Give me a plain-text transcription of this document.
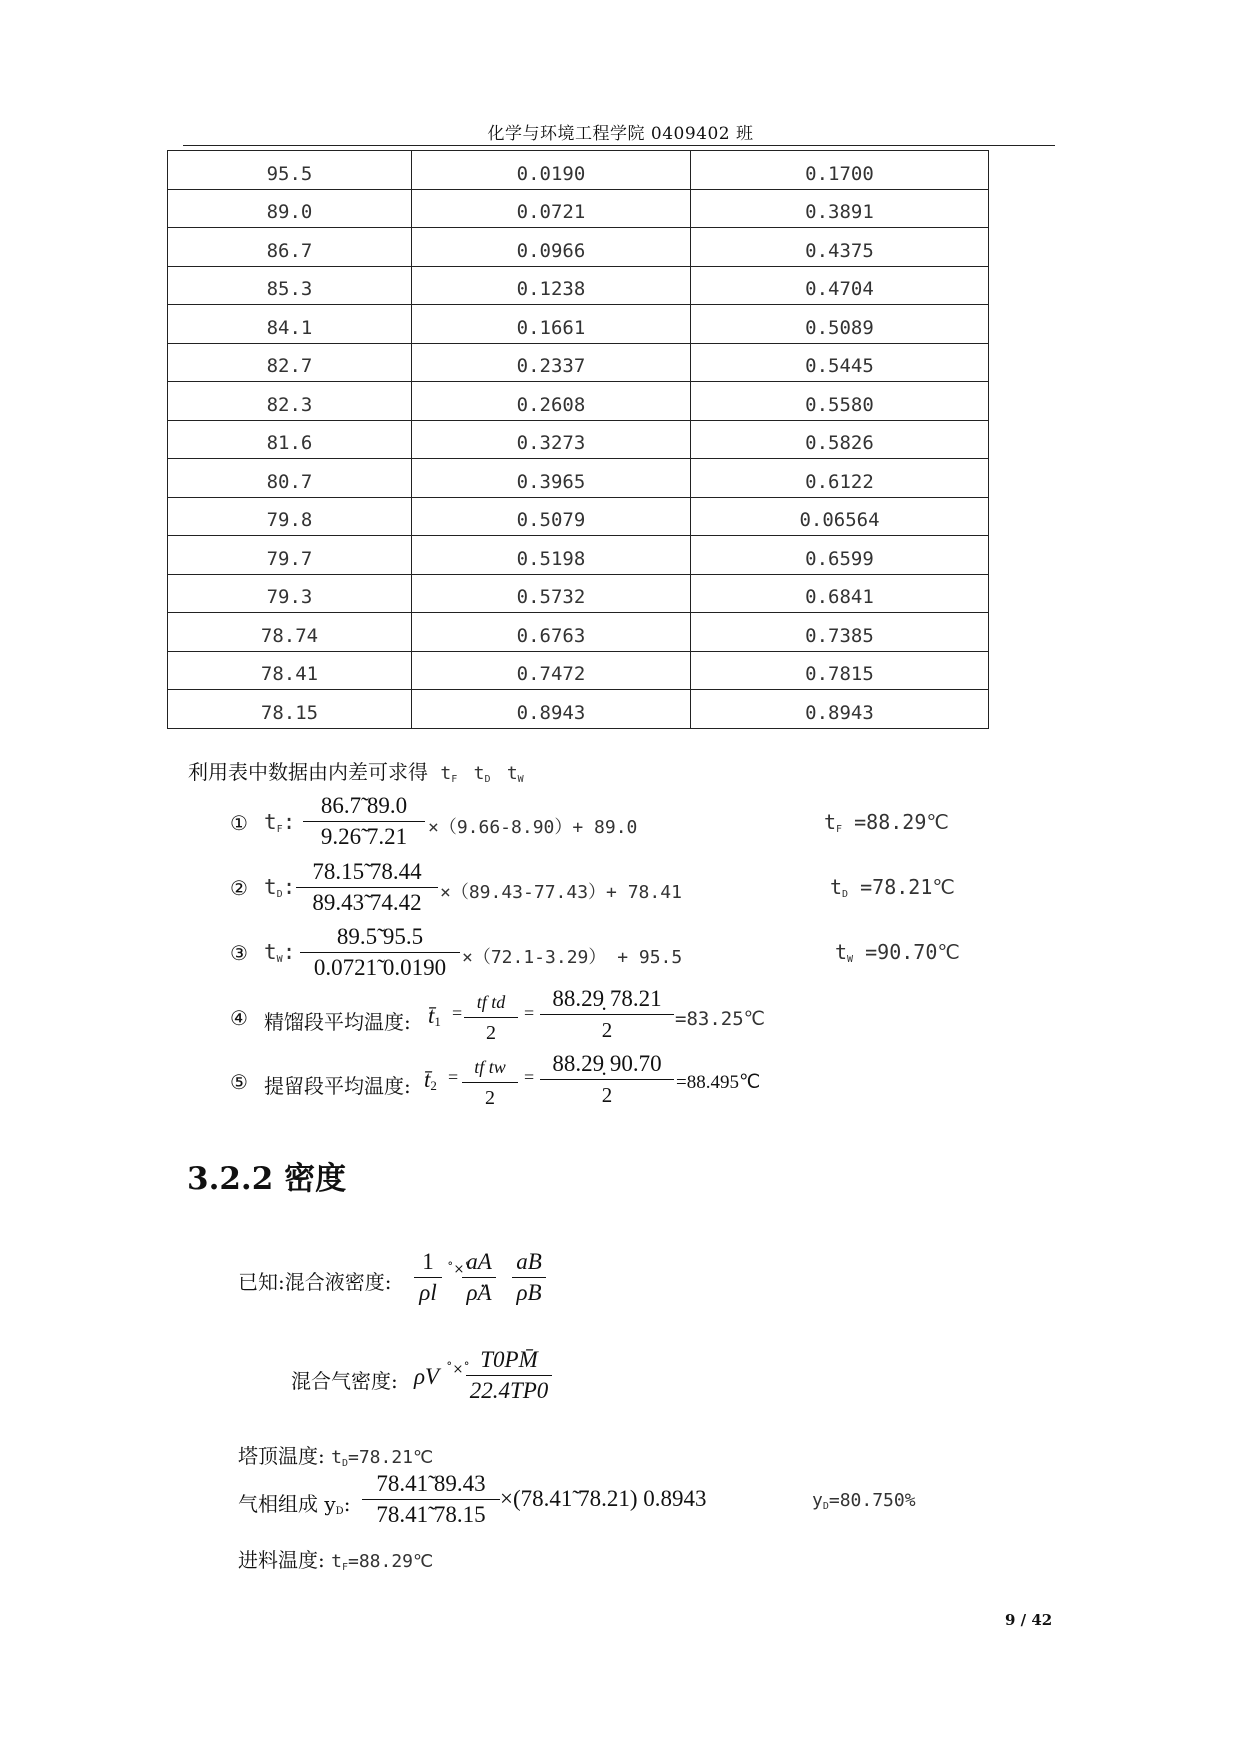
化学与环境工程学院 0409402 班
95.5	0.0190	0.1700
89.0	0.0721	0.3891
86.7	0.0966	0.4375
85.3	0.1238	0.4704
84.1	0.1661	0.5089
82.7	0.2337	0.5445
82.3	0.2608	0.5580
81.6	0.3273	0.5826
80.7	0.3965	0.6122
79.8	0.5079	0.06564
79.7	0.5198	0.6599
79.3	0.5732	0.6841
78.74	0.6763	0.7385
78.41	0.7472	0.7815
78.15	0.8943	0.8943
利用表中数据由内差可求得 $t_F$ $t_D$ $t_W$
① $t_F$:
86.7̃ 89.0
9.26̃ 7.21	×（9.66-8.90）+ 89.0	$t_F$ =88.29℃
② $t_D$:
78.15̃ 78.44
89.43̃ 74.42	×（89.43-77.43）+ 78.41	$t_D$ =78.21℃
③ $t_W$:
89.5̃ 95.5
0.0721̃ 0.0190 ×（72.1-3.29） + 95.5	$t_W$ =90.70℃
④ 精馏段平均温度: $t̄_1$ =
tf td
2
=
88.29̣ 78.21
2	=83.25℃
⑤ 提留段平均温度: $t̄_2$ = tf tw
2
=
88.29̣ 90.70
2
=88.495℃
3.2.2 密度
已知:混合液密度:
1
ρl
˚×˚
aA
ρ̇A
aB
ρB
混合气密度: ρV ˚×˚ T0PM̄
22.4TP0
塔顶温度: $t_D=78.21℃$
气相组成 $y_D$:
78.41̃ 89.43
78.41̃ 78.15
×(78.41̃ 78.21) 0.8943	$y_D=80.750\%$
进料温度: $t_F=88.29℃$
9 / 42
